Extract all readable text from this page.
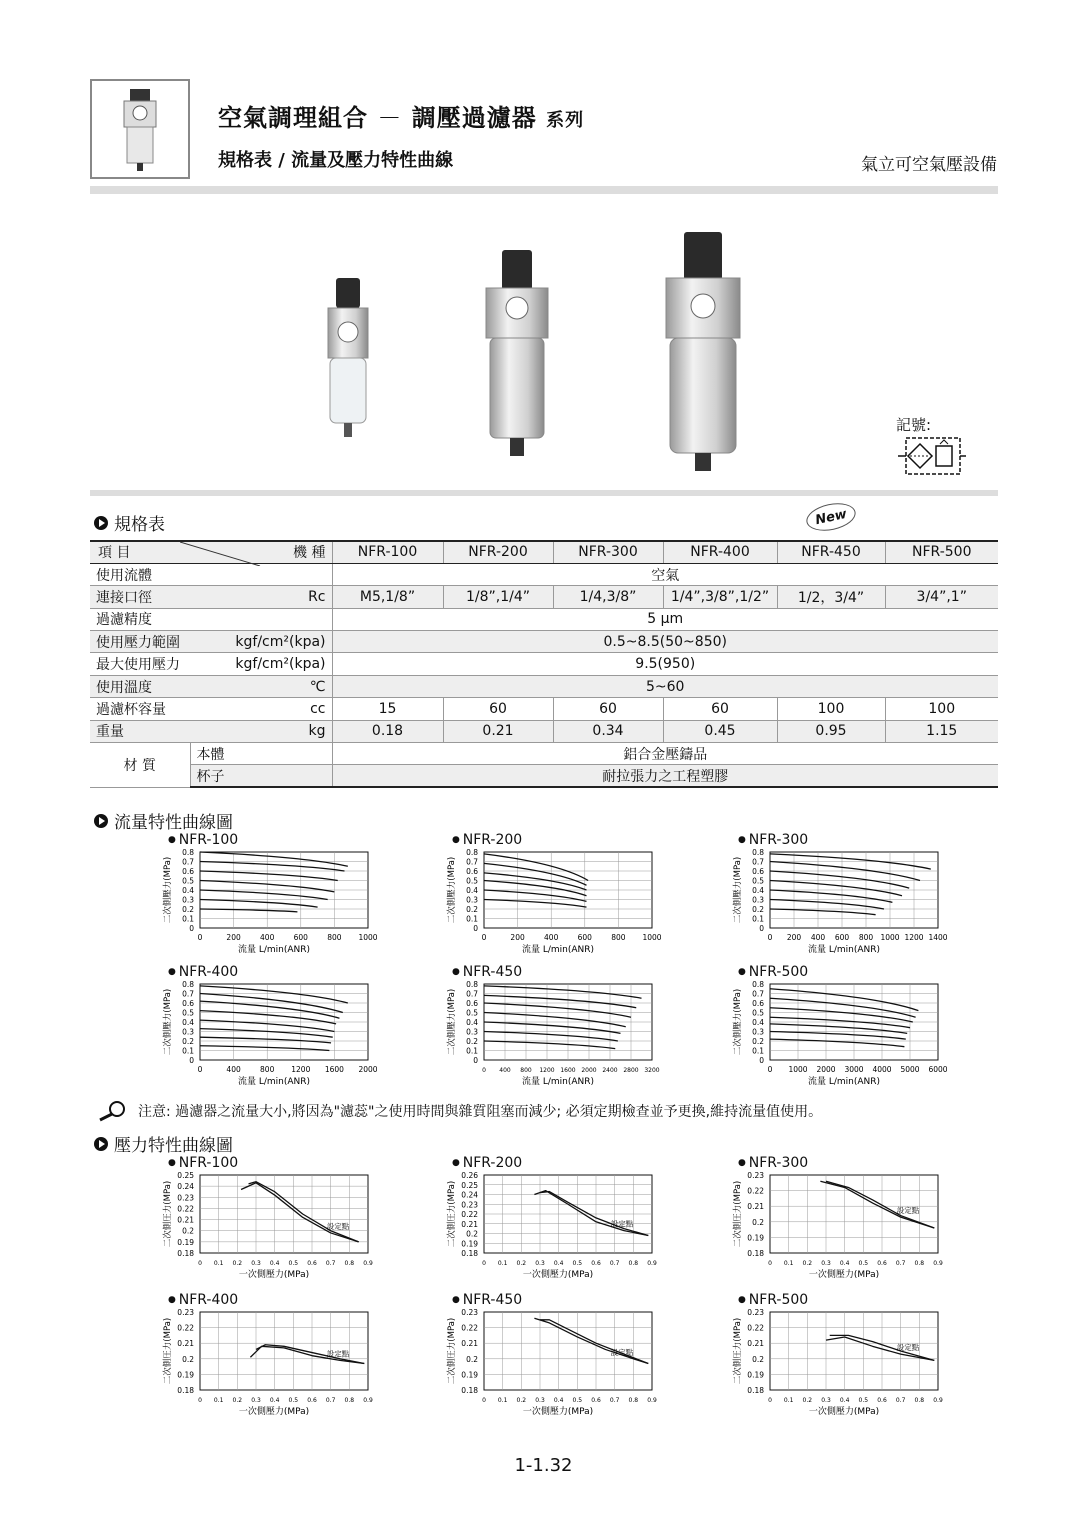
空氣調理組合 － 調壓過濾器 系列
規格表 / 流量及壓力特性曲線	氣立可空氣壓設備
記號:
規格表	New
項 目	機 種	NFR-100	NFR-200	NFR-300	NFR-400	NFR-450	NFR-500
使用流體		空氣					
連接口徑	Rc	M5,1/8”	1/8”,1/4”	1/4,3/8”	1/4”,3/8”,1/2”	1/2，3/4”	3/4”,1”
過濾精度		5 μm					
使用壓力範圍	kgf/cm²(kpa)	0.5~8.5(50~850)					
最大使用壓力	kgf/cm²(kpa)	9.5(950)					
使用溫度	℃	5~60					
過濾杯容量	cc	15	60	60	60	100	100
重量	kg	0.18	0.21	0.34	0.45	0.95	1.15
材 質	本體	鋁合金壓鑄品					
	杯子	耐拉張力之工程塑膠					
流量特性曲線圖
● NFR-100
0.8
0.7
0.6
0.5
0.4
0.3
0.2
0.1
0
0	200	400	600	800 1000
二次側壓力(MPa)
流量 L/min(ANR)
● NFR-200
0.8
0.7
0.6
0.5
0.4
0.3
0.2
0.1
0
0	200	400	600	800 1000
二次側壓力(MPa)
流量 L/min(ANR)
● NFR-300
0.8
0.7
0.6
0.5
0.4
0.3
0.2
0.1
0
0 200 400 600 800 1000 1200 1400
二次側壓力(MPa)
流量 L/min(ANR)
● NFR-400
0.8
0.7
0.6
0.5
0.4
0.3
0.2
0.1
0
0	400	800 1200 1600 2000
二次側壓力(MPa)
流量 L/min(ANR)
● NFR-450
0.8
0.7
0.6
0.5
0.4
0.3
0.2
0.1
0
0 400 800 1200 1600 2000 2400 2800 3200
二次側壓力(MPa)
流量 L/min(ANR)
● NFR-500
0.8
0.7
0.6
0.5
0.4
0.3
0.2
0.1
0
0 1000 2000 3000 4000 5000 6000
二次側壓力(MPa)
流量 L/min(ANR)
● NFR-100
0.25
0.24
0.23
0.22
0.21
0.2
0.19
0.18
0 0.1 0.2 0.3 0.4 0.5 0.6 0.7 0.8 0.9
二次側圧力(MPa)
一次側壓力(MPa)
設定點
● NFR-200
0.26
0.25
0.24
0.23
0.22
0.21
0.2
0.19
0.18
0 0.1 0.2 0.3 0.4 0.5 0.6 0.7 0.8 0.9
二次側圧力(MPa)
一次側壓力(MPa)
設定點
● NFR-300
0.23
0.22
0.21
0.2
0.19
0.18
0 0.1 0.2 0.3 0.4 0.5 0.6 0.7 0.8 0.9
二次側圧力(MPa)
一次側壓力(MPa)
設定點
● NFR-400
0.23
0.22
0.21
0.2
0.19
0.18
0 0.1 0.2 0.3 0.4 0.5 0.6 0.7 0.8 0.9
二次側圧力(MPa)
一次側壓力(MPa)
設定點
● NFR-450
0.23
0.22
0.21
0.2
0.19
0.18
0 0.1 0.2 0.3 0.4 0.5 0.6 0.7 0.8 0.9
二次側圧力(MPa)
一次側壓力(MPa)
設定點
● NFR-500
0.23
0.22
0.21
0.2
0.19
0.18
0 0.1 0.2 0.3 0.4 0.5 0.6 0.7 0.8 0.9
二次側圧力(MPa)
一次側壓力(MPa)
設定點
注意: 過濾器之流量大小,將因為"濾蕊"之使用時間與雜質阻塞而減少; 必須定期檢查並予更換,維持流量值使用。
壓力特性曲線圖
1-1.32
